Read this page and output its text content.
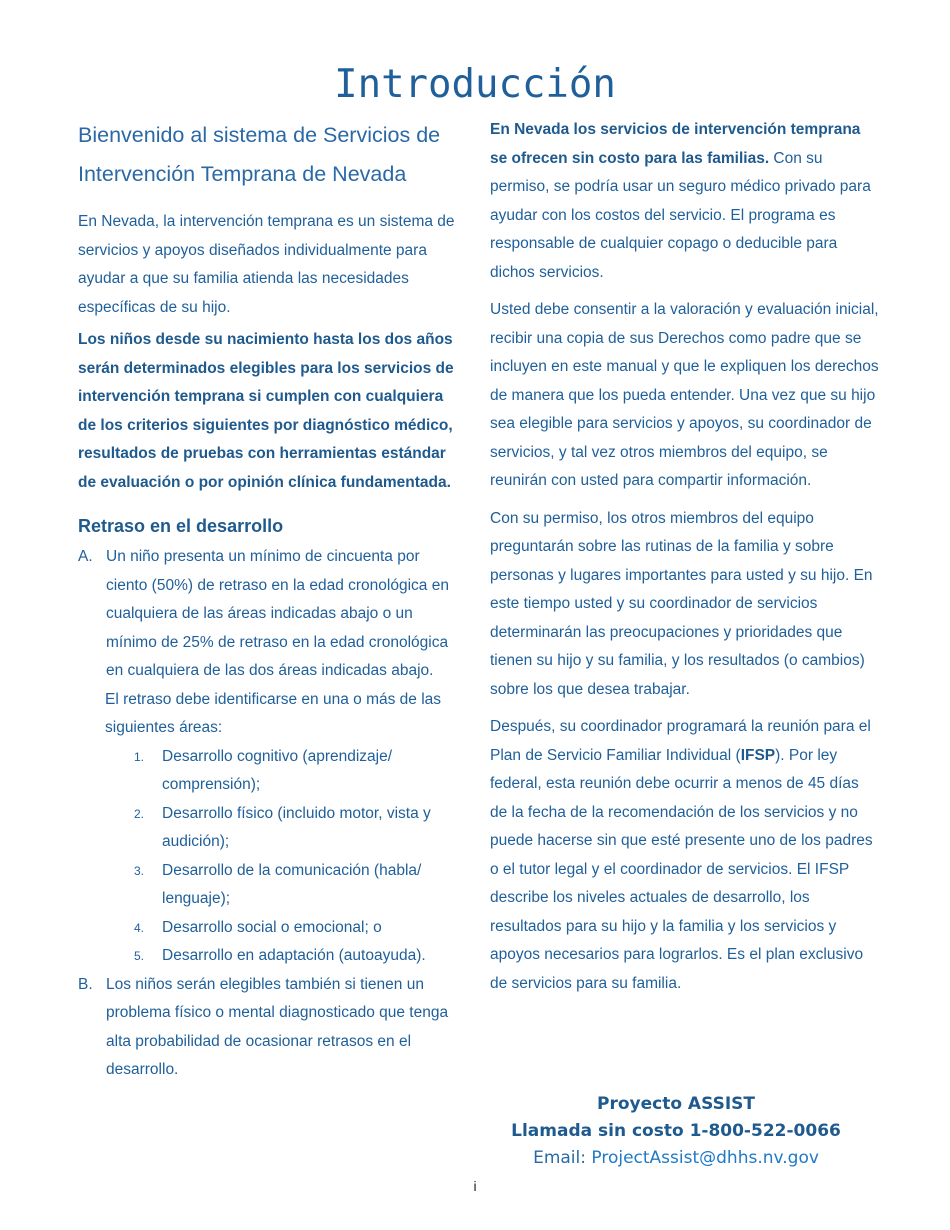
Introducción
Bienvenido al sistema de Servicios de
Intervención Temprana de Nevada

En Nevada, la intervención temprana es un sistema de servicios y apoyos diseñados individualmente para ayudar a que su familia atienda las necesidades específicas de su hijo.

Los niños desde su nacimiento hasta los dos años serán determinados elegibles para los servicios de intervención temprana si cumplen con cualquiera de los criterios siguientes por diagnóstico médico, resultados de pruebas con herramientas estándar de evaluación o por opinión clínica fundamentada.

Retraso en el desarrollo
A. Un niño presenta un mínimo de cincuenta por ciento (50%) de retraso en la edad cronológica en cualquiera de las áreas indicadas abajo o un mínimo de 25% de retraso en la edad cronológica en cualquiera de las dos áreas indicadas abajo.
El retraso debe identificarse en una o más de las siguientes áreas:
1. Desarrollo cognitivo (aprendizaje/ comprensión);
2. Desarrollo físico (incluido motor, vista y audición);
3. Desarrollo de la comunicación (habla/ lenguaje);
4. Desarrollo social o emocional; o
5. Desarrollo en adaptación (autoayuda).
B. Los niños serán elegibles también si tienen un problema físico o mental diagnosticado que tenga alta probabilidad de ocasionar retrasos en el desarrollo.

En Nevada los servicios de intervención temprana se ofrecen sin costo para las familias. Con su permiso, se podría usar un seguro médico privado para ayudar con los costos del servicio. El programa es responsable de cualquier copago o deducible para dichos servicios.

Usted debe consentir a la valoración y evaluación inicial, recibir una copia de sus Derechos como padre que se incluyen en este manual y que le expliquen los derechos de manera que los pueda entender. Una vez que su hijo sea elegible para servicios y apoyos, su coordinador de servicios, y tal vez otros miembros del equipo, se reunirán con usted para compartir información.

Con su permiso, los otros miembros del equipo preguntarán sobre las rutinas de la familia y sobre personas y lugares importantes para usted y su hijo. En este tiempo usted y su coordinador de servicios determinarán las preocupaciones y prioridades que tienen su hijo y su familia, y los resultados (o cambios) sobre los que desea trabajar.

Después, su coordinador programará la reunión para el Plan de Servicio Familiar Individual (IFSP). Por ley federal, esta reunión debe ocurrir a menos de 45 días de la fecha de la recomendación de los servicios y no puede hacerse sin que esté presente uno de los padres o el tutor legal y el coordinador de servicios. El IFSP describe los niveles actuales de desarrollo, los resultados para su hijo y la familia y los servicios y apoyos necesarios para lograrlos. Es el plan exclusivo de servicios para su familia.

Proyecto ASSIST
Llamada sin costo 1-800-522-0066
Email: ProjectAssist@dhhs.nv.gov
i
